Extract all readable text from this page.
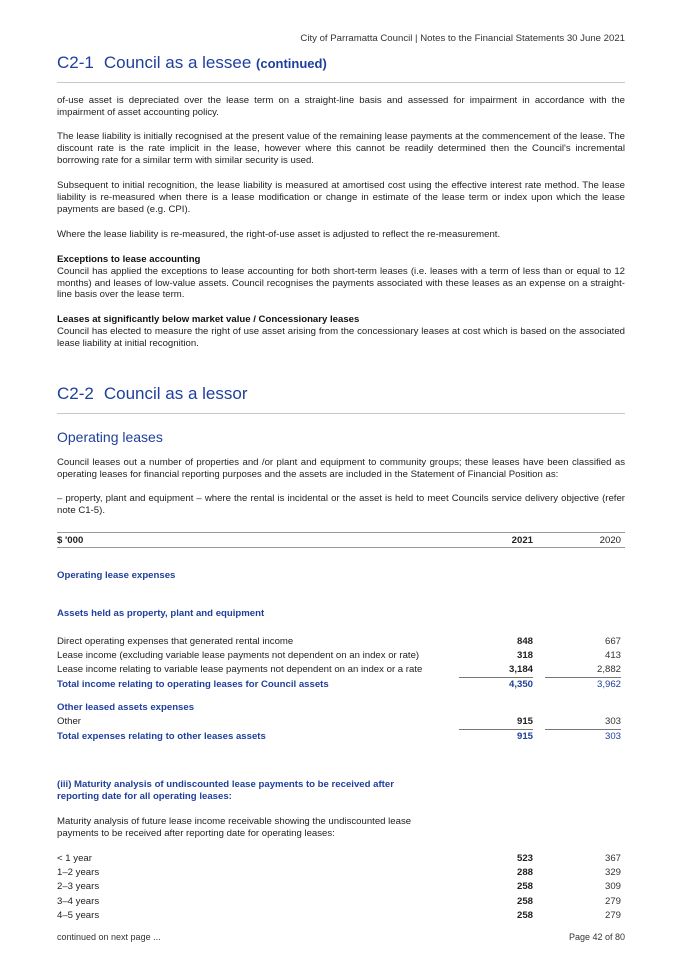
City of Parramatta Council | Notes to the Financial Statements 30 June 2021
C2-1 Council as a lessee (continued)
of-use asset is depreciated over the lease term on a straight-line basis and assessed for impairment in accordance with the impairment of asset accounting policy.
The lease liability is initially recognised at the present value of the remaining lease payments at the commencement of the lease. The discount rate is the rate implicit in the lease, however where this cannot be readily determined then the Council's incremental borrowing rate for a similar term with similar security is used.
Subsequent to initial recognition, the lease liability is measured at amortised cost using the effective interest rate method. The lease liability is re-measured when there is a lease modification or change in estimate of the lease term or index upon which the lease payments are based (e.g. CPI).
Where the lease liability is re-measured, the right-of-use asset is adjusted to reflect the re-measurement.
Exceptions to lease accounting
Council has applied the exceptions to lease accounting for both short-term leases (i.e. leases with a term of less than or equal to 12 months) and leases of low-value assets. Council recognises the payments associated with these leases as an expense on a straight-line basis over the lease term.
Leases at significantly below market value / Concessionary leases
Council has elected to measure the right of use asset arising from the concessionary leases at cost which is based on the associated lease liability at initial recognition.
C2-2 Council as a lessor
Operating leases
Council leases out a number of properties and /or plant and equipment to community groups; these leases have been classified as operating leases for financial reporting purposes and the assets are included in the Statement of Financial Position as:
– property, plant and equipment – where the rental is incidental or the asset is held to meet Councils service delivery objective (refer note C1-5).
$ '000	2021	2020
Operating lease expenses
Assets held as property, plant and equipment
Direct operating expenses that generated rental income	848	667
Lease income (excluding variable lease payments not dependent on an index or rate)	318	413
Lease income relating to variable lease payments not dependent on an index or a rate	3,184	2,882
Total income relating to operating leases for Council assets	4,350	3,962
Other leased assets expenses
Other	915	303
Total expenses relating to other leases assets	915	303
(iii) Maturity analysis of undiscounted lease payments to be received after reporting date for all operating leases:
Maturity analysis of future lease income receivable showing the undiscounted lease payments to be received after reporting date for operating leases:
< 1 year	523	367
1–2 years	288	329
2–3 years	258	309
3–4 years	258	279
4–5 years	258	279
continued on next page ...	Page 42 of 80
